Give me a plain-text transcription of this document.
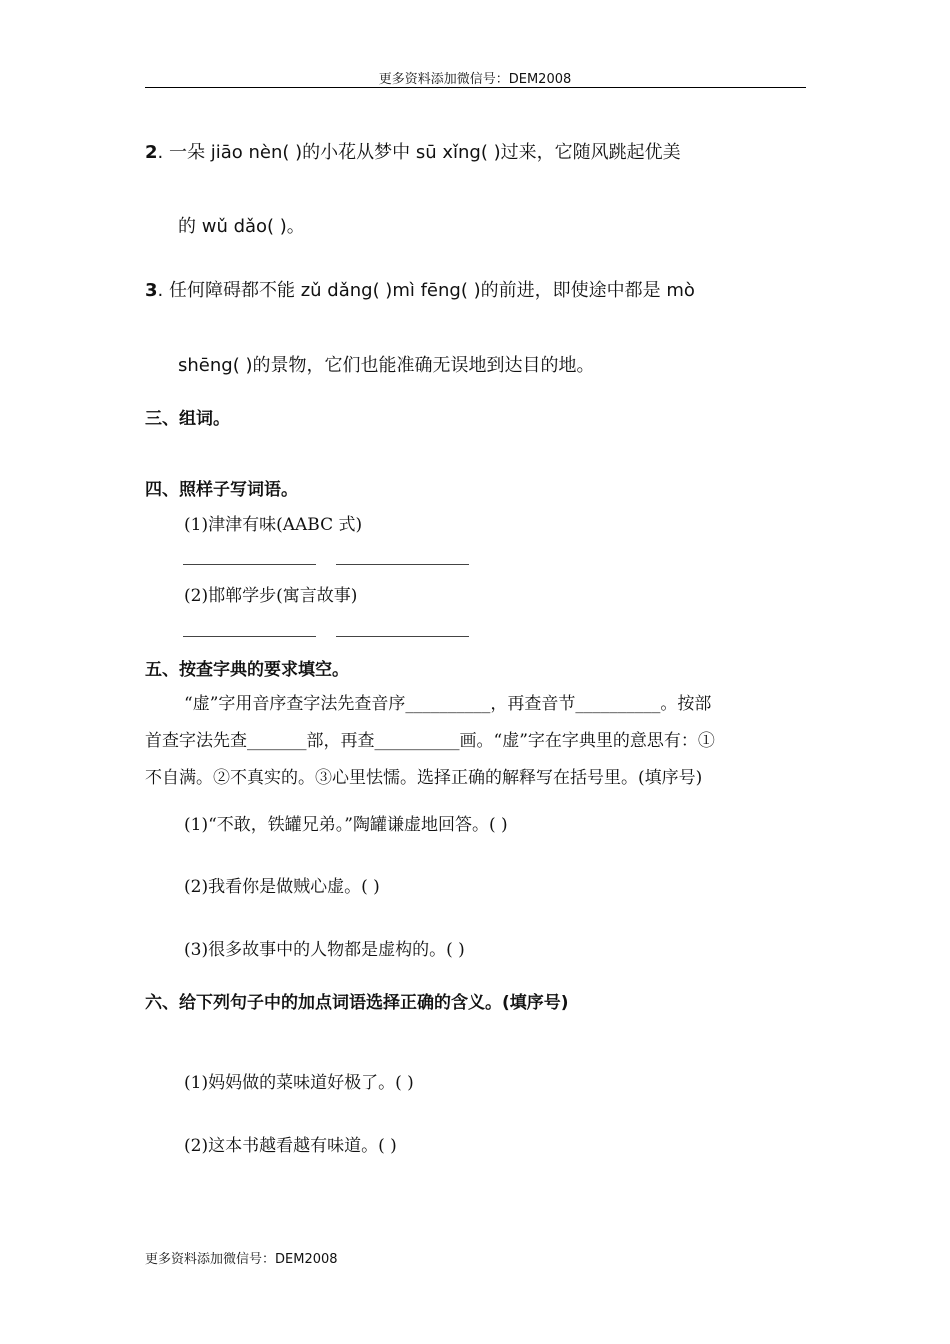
更多资料添加微信号：DEM2008
2. 一朵 jiāo nèn( )的小花从梦中 sū xǐng( )过来，它随风跳起优美
的 wǔ dǎo( )。
3. 任何障碍都不能 zǔ dǎng( )mì fēng( )的前进，即使途中都是 mò
shēng( )的景物，它们也能准确无误地到达目的地。
三、组词。
四、照样子写词语。
(1)津津有味(AABC 式)
(2)邯郸学步(寓言故事)
五、按查字典的要求填空。
“虚”字用音序查字法先查音序__________，再查音节__________。按部
首查字法先查_______部，再查__________画。“虚”字在字典里的意思有：①
不自满。②不真实的。③心里怯懦。选择正确的解释写在括号里。(填序号)
(1)“不敢，铁罐兄弟。”陶罐谦虚地回答。( )
(2)我看你是做贼心虚。( )
(3)很多故事中的人物都是虚构的。( )
六、给下列句子中的加点词语选择正确的含义。(填序号)
(1)妈妈做的菜味道好极了。( )
(2)这本书越看越有味道。( )
更多资料添加微信号：DEM2008
